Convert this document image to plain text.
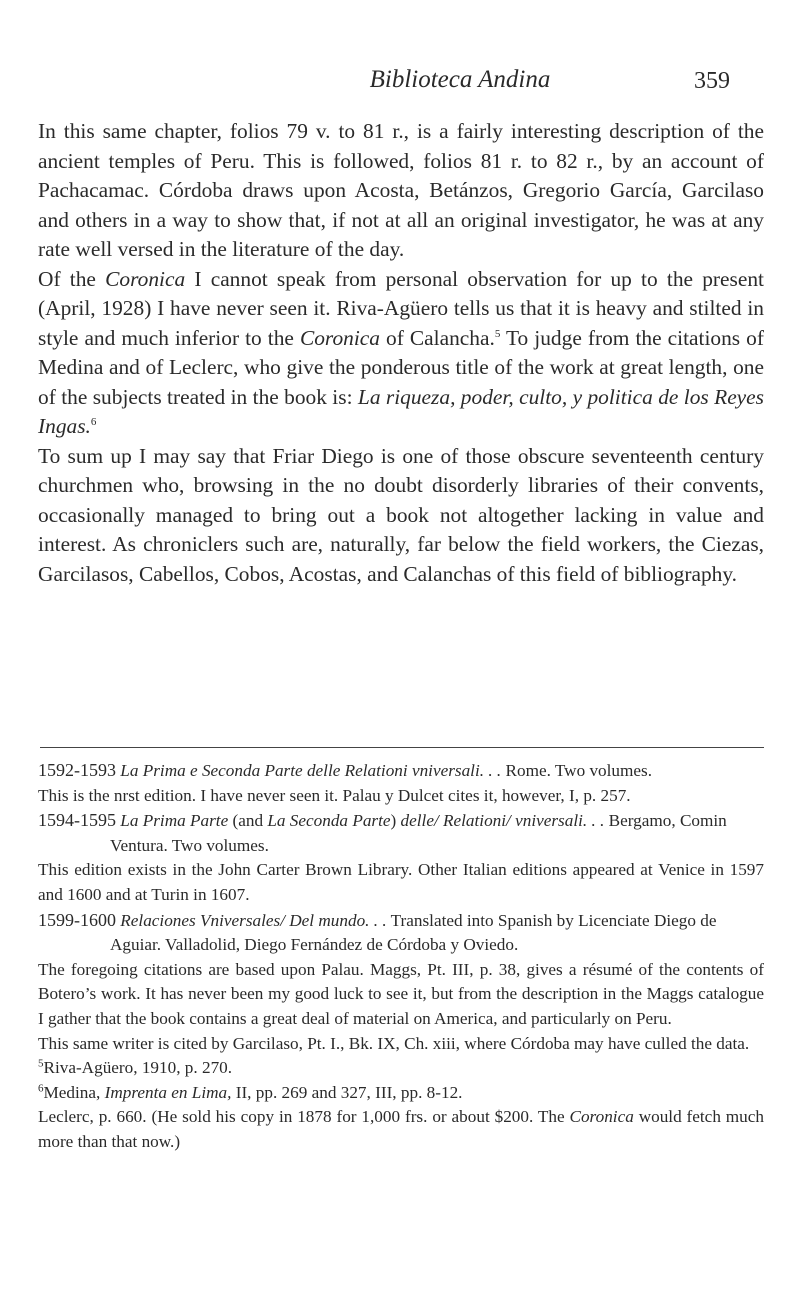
Biblioteca Andina	359

In this same chapter, folios 79 v. to 81 r., is a fairly interesting description of the ancient temples of Peru. This is followed, folios 81 r. to 82 r., by an account of Pachacamac. Córdoba draws upon Acosta, Betánzos, Gregorio García, Garcilaso and others in a way to show that, if not at all an original investigator, he was at any rate well versed in the literature of the day.

Of the Coronica I cannot speak from personal observation for up to the present (April, 1928) I have never seen it. Riva-Agüero tells us that it is heavy and stilted in style and much inferior to the Coronica of Calancha.$^5$ To judge from the citations of Medina and of Leclerc, who give the ponderous title of the work at great length, one of the subjects treated in the book is: La riqueza, poder, culto, y politica de los Reyes Ingas.$^6$

To sum up I may say that Friar Diego is one of those obscure seventeenth century churchmen who, browsing in the no doubt disorderly libraries of their convents, occasionally managed to bring out a book not altogether lacking in value and interest. As chroniclers such are, naturally, far below the field workers, the Ciezas, Garcilasos, Cabellos, Cobos, Acostas, and Calanchas of this field of bibliography.

1592-1593 La Prima e Seconda Parte delle Relationi vniversali. . . Rome. Two volumes.

This is the nrst edition. I have never seen it. Palau y Dulcet cites it, however, I, p. 257.

1594-1595 La Prima Parte (and La Seconda Parte) delle/ Relationi/ vniversali. . . Bergamo, Comin Ventura. Two volumes.

This edition exists in the John Carter Brown Library. Other Italian editions appeared at Venice in 1597 and 1600 and at Turin in 1607.

1599-1600 Relaciones Vniversales/ Del mundo. . . Translated into Spanish by Licenciate Diego de Aguiar. Valladolid, Diego Fernández de Córdoba y Oviedo.

The foregoing citations are based upon Palau. Maggs, Pt. III, p. 38, gives a résumé of the contents of Botero’s work. It has never been my good luck to see it, but from the description in the Maggs catalogue I gather that the book contains a great deal of material on America, and particularly on Peru.

This same writer is cited by Garcilaso, Pt. I., Bk. IX, Ch. xiii, where Córdoba may have culled the data.

$^5$Riva-Agüero, 1910, p. 270.

$^6$Medina, Imprenta en Lima, II, pp. 269 and 327, III, pp. 8-12.

Leclerc, p. 660. (He sold his copy in 1878 for 1,000 frs. or about $200. The Coronica would fetch much more than that now.)
